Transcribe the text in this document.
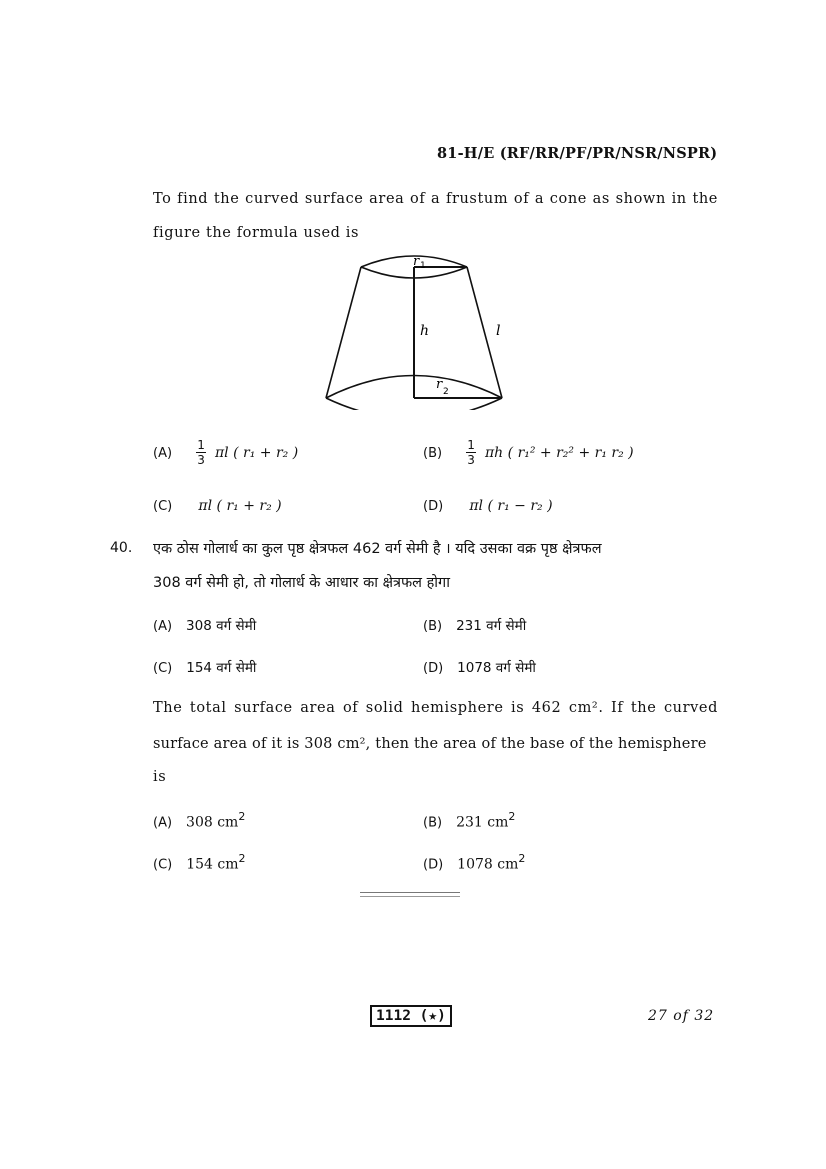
81-H/E (RF/RR/PF/PR/NSR/NSPR)
To find the curved surface area of a frustum of a cone as shown in the
figure the formula used is
r 1
h	l
r 2
$(A) \frac{1}{3}$ πl ( r₁ + r₂ )	$(B) \frac{1}{3}$ πh ( r₁² + r₂² + r₁ r₂ )
(C) πl ( r₁ + r₂ )	(D) πl ( r₁ − r₂ )
40. एक ठोस गोलार्ध का कुल पृष्ठ क्षेत्रफल 462 वर्ग सेमी है । यदि उसका वक्र पृष्ठ क्षेत्रफल
308 वर्ग सेमी हो, तो गोलार्ध के आधार का क्षेत्रफल होगा
(A) 308 वर्ग सेमी	(B) 231 वर्ग सेमी
(C) 154 वर्ग सेमी	(D) 1078 वर्ग सेमी
The total surface area of solid hemisphere is 462 cm². If the curved
surface area of it is 308 cm², then the area of the base of the hemisphere
is
(A) 308 $cm^2$	(B) 231 $cm^2$
(C) 154 $cm^2$	(D) 1078 $cm^2$
1112 (★)	27 of 32
